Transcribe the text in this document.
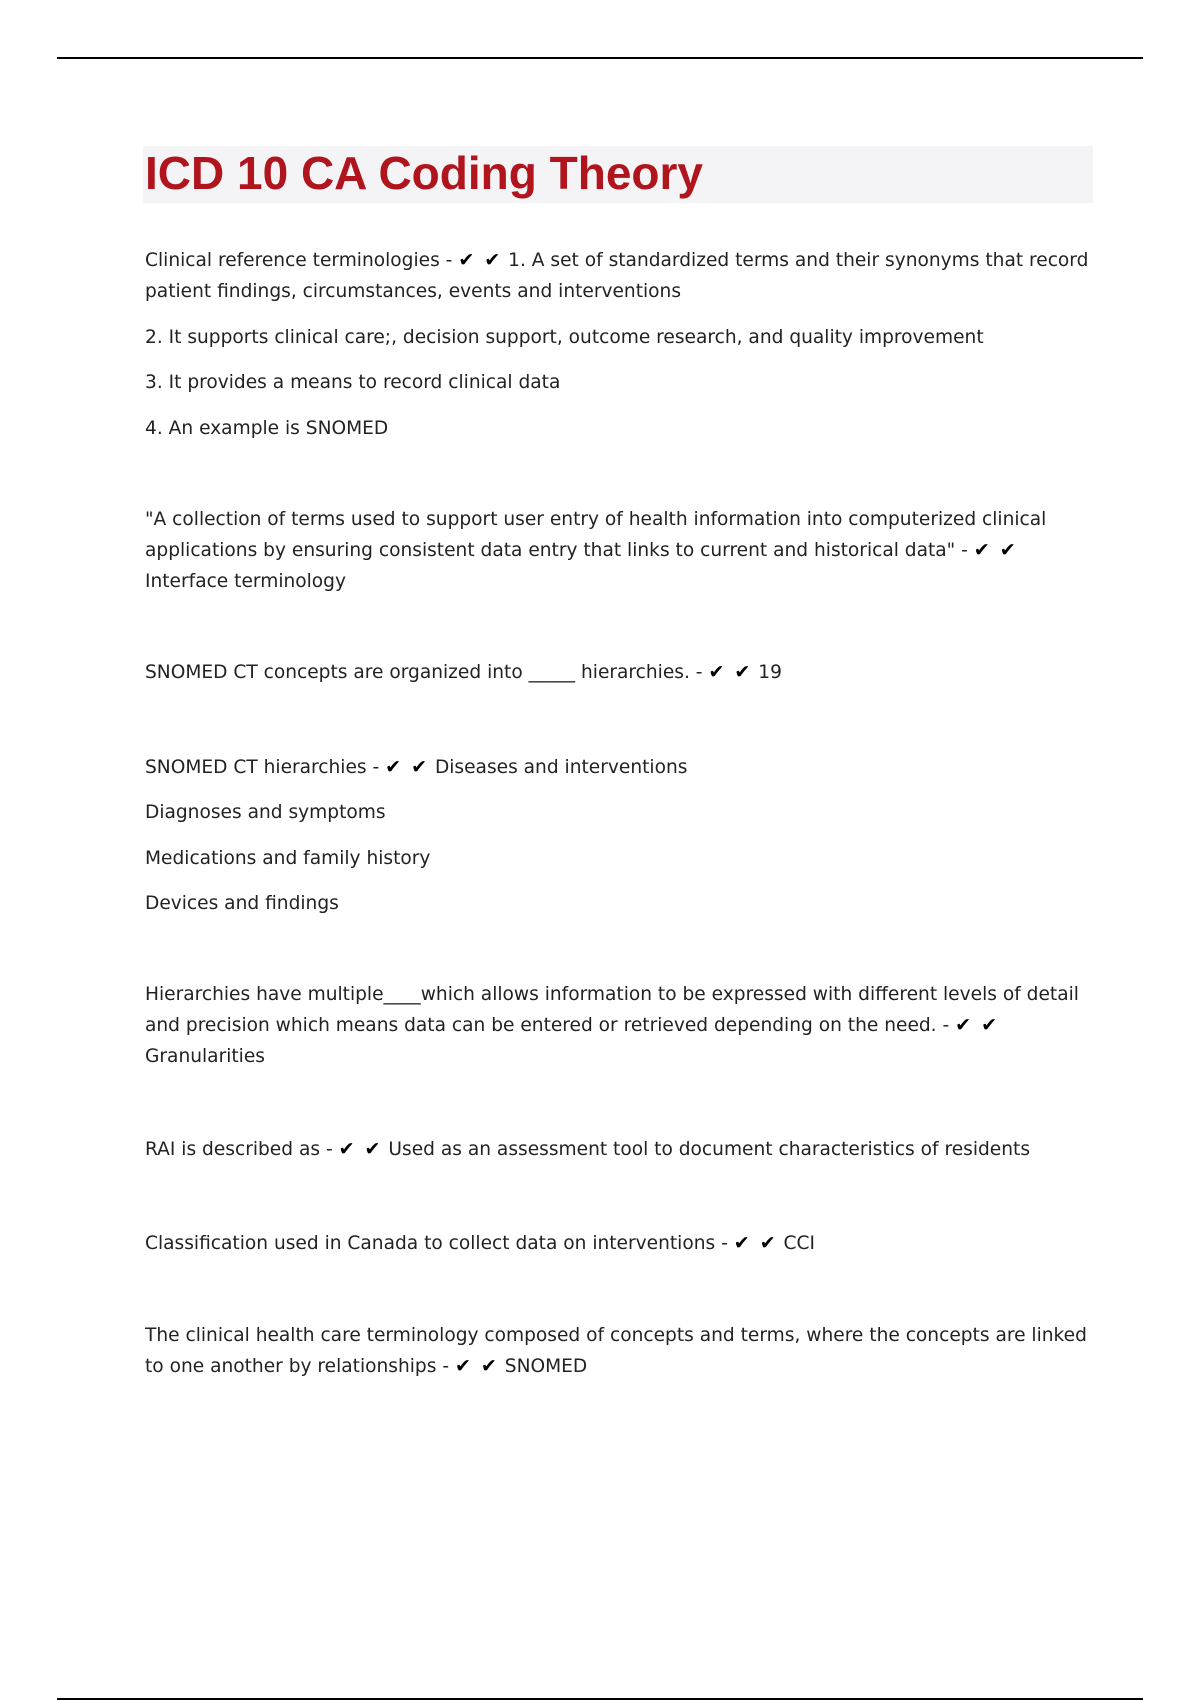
ICD 10 CA Coding Theory

Clinical reference terminologies - ✔ ✔ 1. A set of standardized terms and their synonyms that record patient findings, circumstances, events and interventions

2. It supports clinical care;, decision support, outcome research, and quality improvement

3. It provides a means to record clinical data

4. An example is SNOMED

"A collection of terms used to support user entry of health information into computerized clinical applications by ensuring consistent data entry that links to current and historical data" - ✔ ✔ Interface terminology

SNOMED CT concepts are organized into _____ hierarchies. - ✔ ✔ 19

SNOMED CT hierarchies - ✔ ✔ Diseases and interventions

Diagnoses and symptoms

Medications and family history

Devices and findings

Hierarchies have multiple____which allows information to be expressed with different levels of detail and precision which means data can be entered or retrieved depending on the need. - ✔ ✔ Granularities

RAI is described as - ✔ ✔ Used as an assessment tool to document characteristics of residents

Classification used in Canada to collect data on interventions - ✔ ✔ CCI

The clinical health care terminology composed of concepts and terms, where the concepts are linked to one another by relationships - ✔ ✔ SNOMED
